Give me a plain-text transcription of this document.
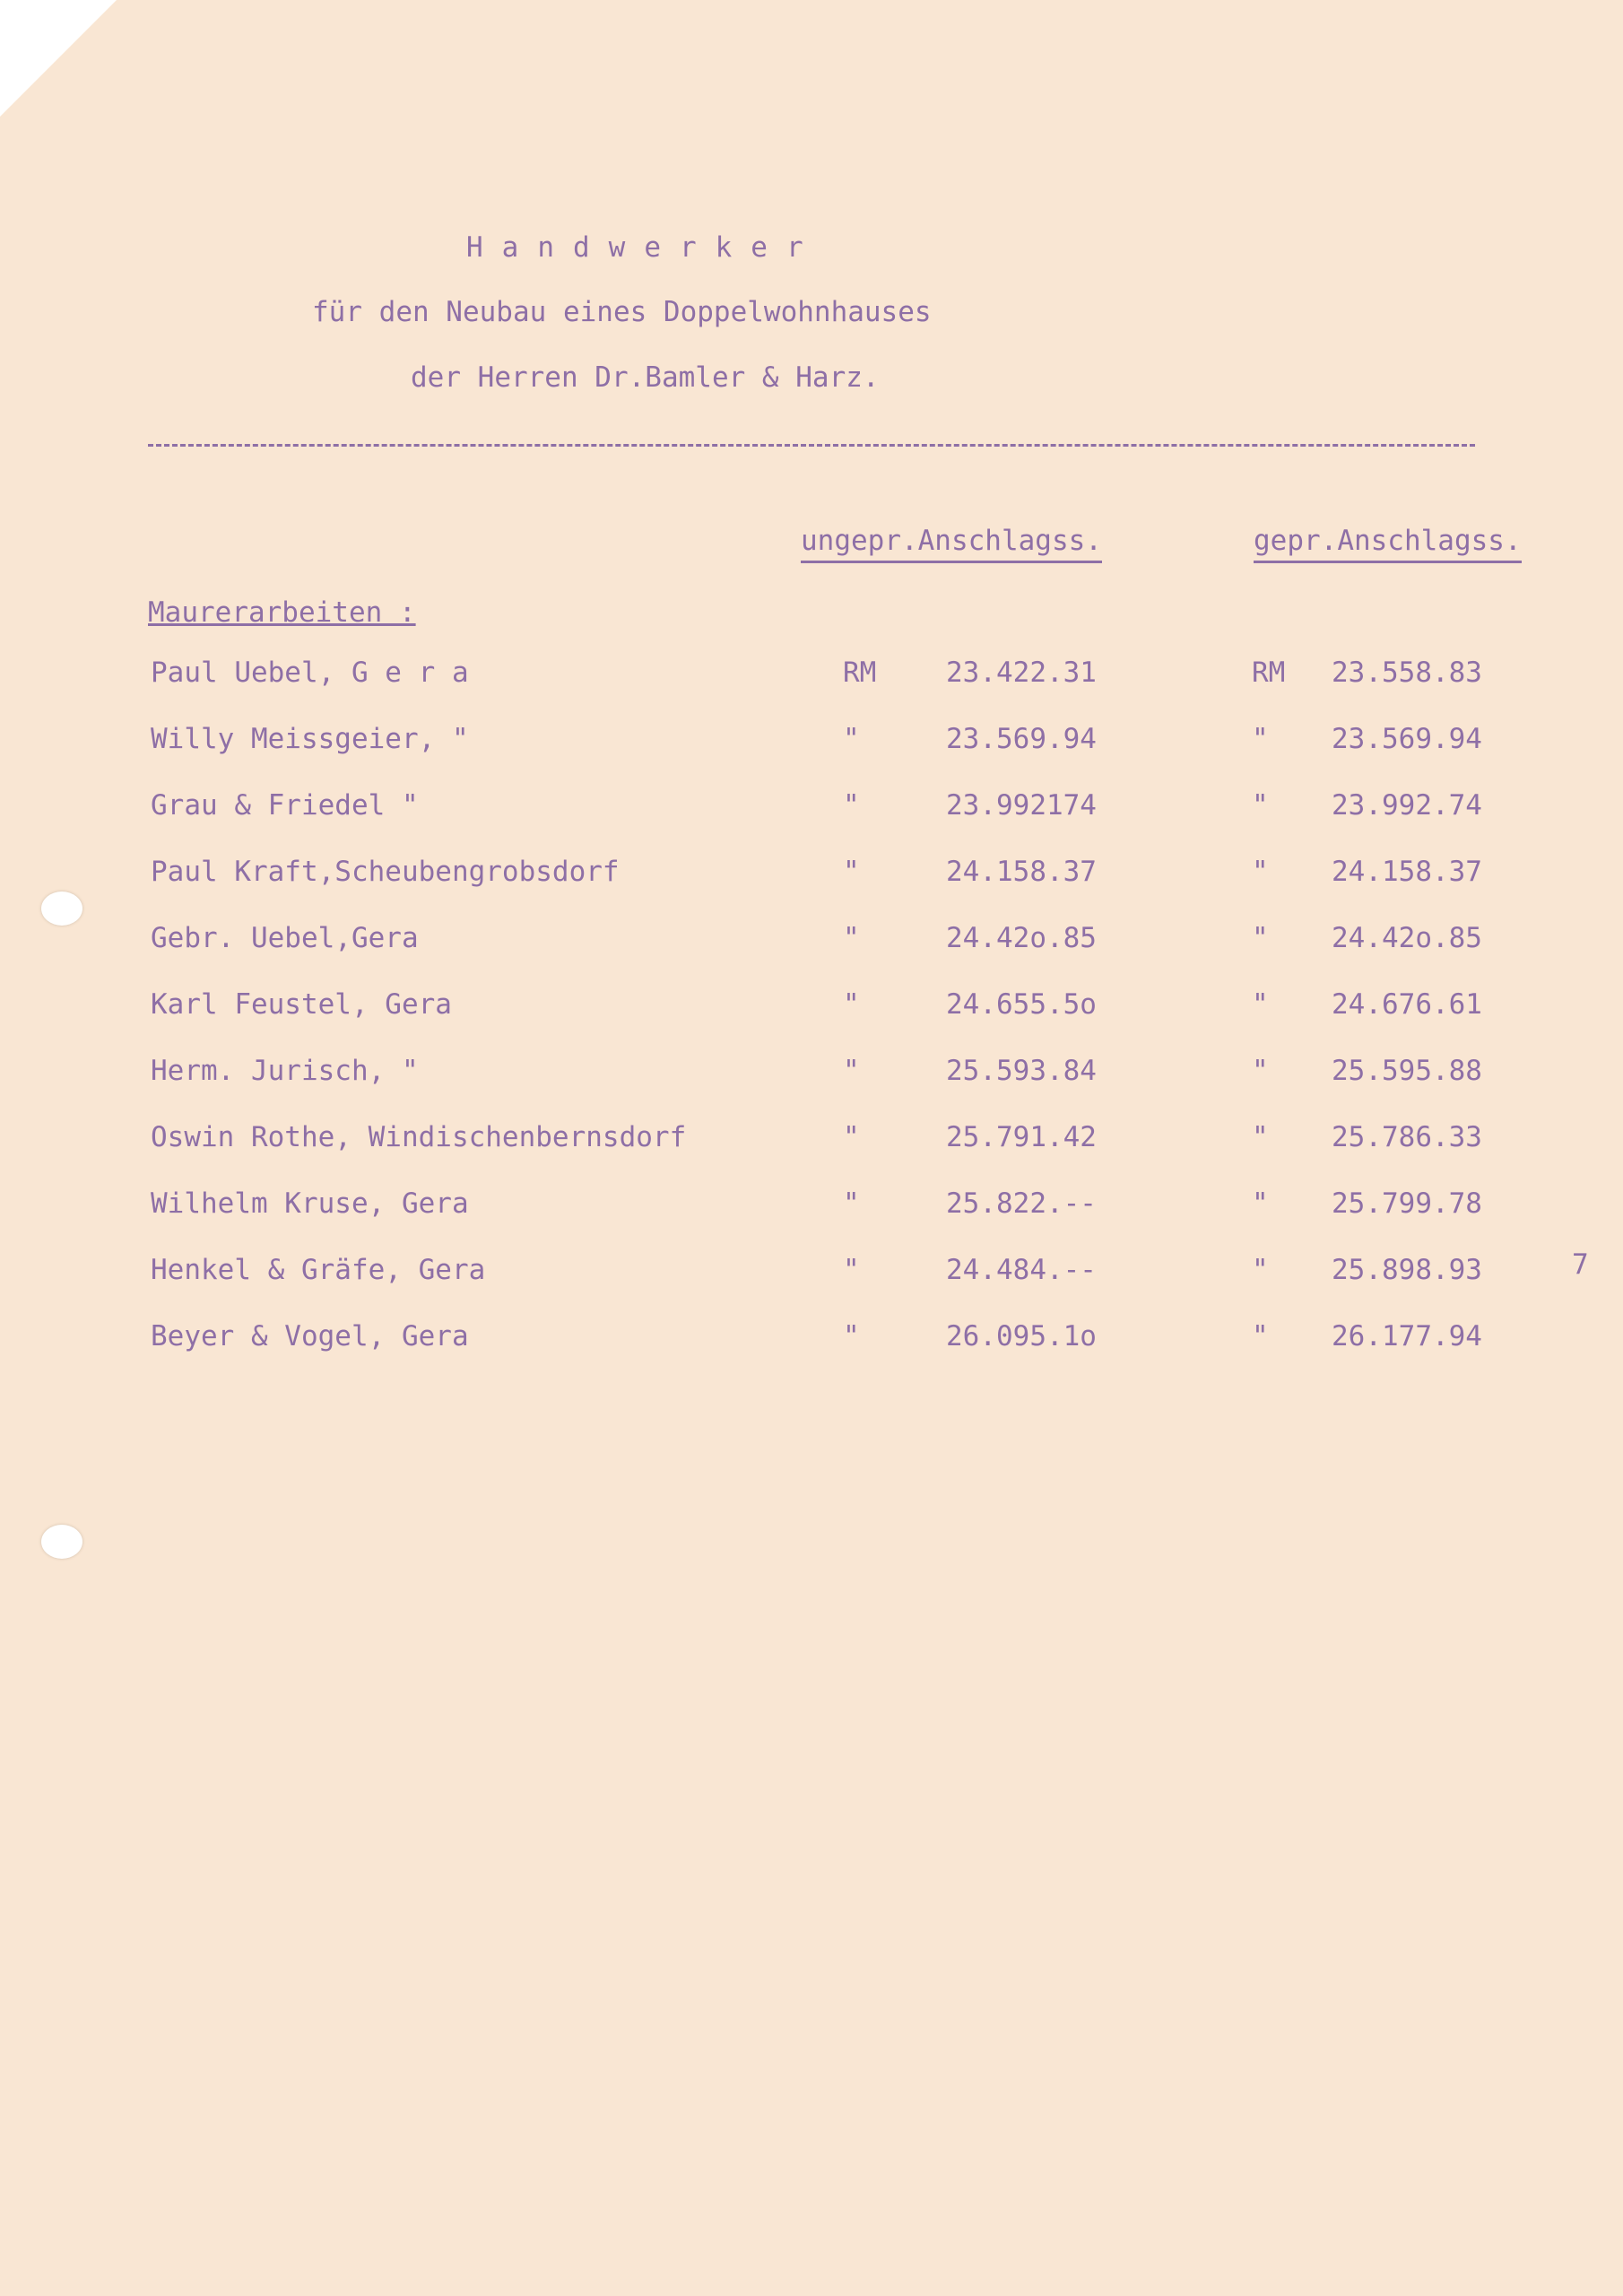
Handwerker
für den Neubau eines Doppelwohnhauses
der Herren Dr.Bamler & Harz.
ungepr.Anschlagss.	gepr.Anschlagss.
Maurerarbeiten :
Paul Uebel, G e r a	RM	23.422.31	RM 23.558.83
Willy Meissgeier, "	"	23.569.94	" 23.569.94
Grau & Friedel "	"	23.992174	" 23.992.74
Paul Kraft,Scheubengrobsdorf	"	24.158.37	" 24.158.37
Gebr. Uebel,Gera	"	24.42o.85	" 24.42o.85
Karl Feustel, Gera	"	24.655.5o	" 24.676.61
Herm. Jurisch, "	"	25.593.84	" 25.595.88
Oswin Rothe, Windischenbernsdorf	"	25.791.42	" 25.786.33
Wilhelm Kruse, Gera	"	25.822.--	" 25.799.78
Henkel & Gräfe, Gera	"	24.484.--	" 25.898.93
Beyer & Vogel, Gera	"	26.095.1o	" 26.177.94
7
